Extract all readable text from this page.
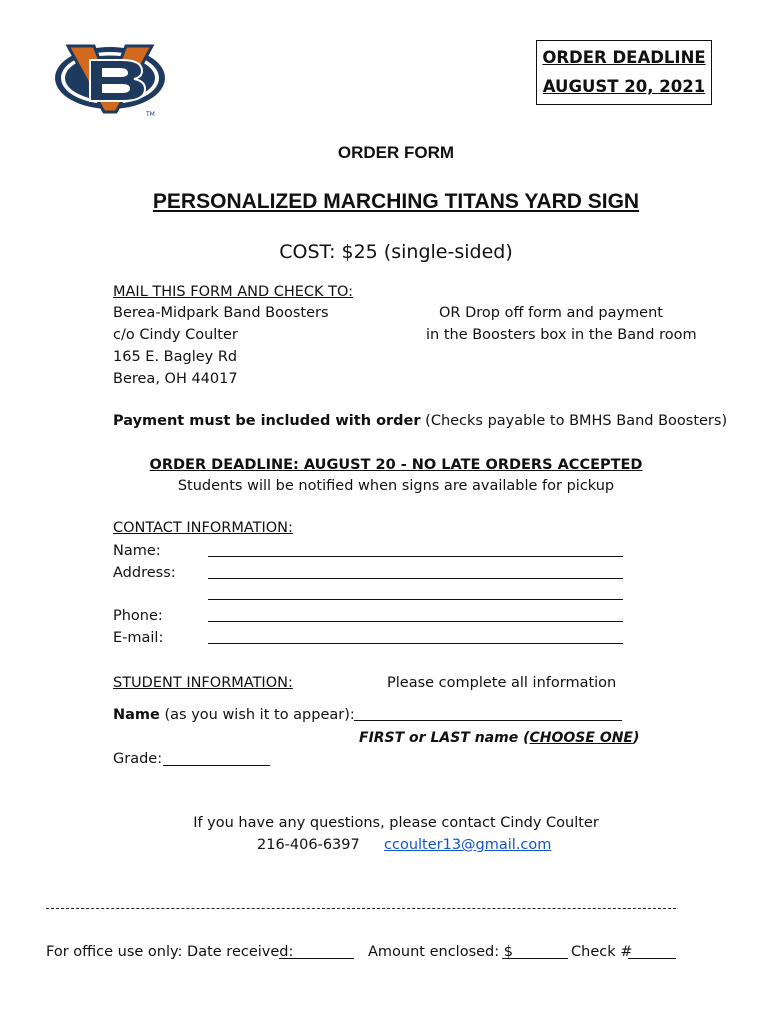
TM
ORDER DEADLINE
AUGUST 20, 2021
ORDER FORM
PERSONALIZED MARCHING TITANS YARD SIGN
COST: $25 (single-sided)
MAIL THIS FORM AND CHECK TO:
Berea-Midpark Band Boosters
c/o Cindy Coulter
165 E. Bagley Rd
Berea, OH 44017
OR Drop off form and payment
in the Boosters box in the Band room
Payment must be included with order (Checks payable to BMHS Band Boosters)
ORDER DEADLINE: AUGUST 20 - NO LATE ORDERS ACCEPTED
Students will be notified when signs are available for pickup
CONTACT INFORMATION:
Name:
Address:
Phone:
E-mail:
STUDENT INFORMATION:	Please complete all information
Name (as you wish it to appear):
FIRST or LAST name (CHOOSE ONE)
Grade:
If you have any questions, please contact Cindy Coulter
216-406-6397 ccoulter13@gmail.com
For office use only: Date received:	Amount enclosed: $	Check #
